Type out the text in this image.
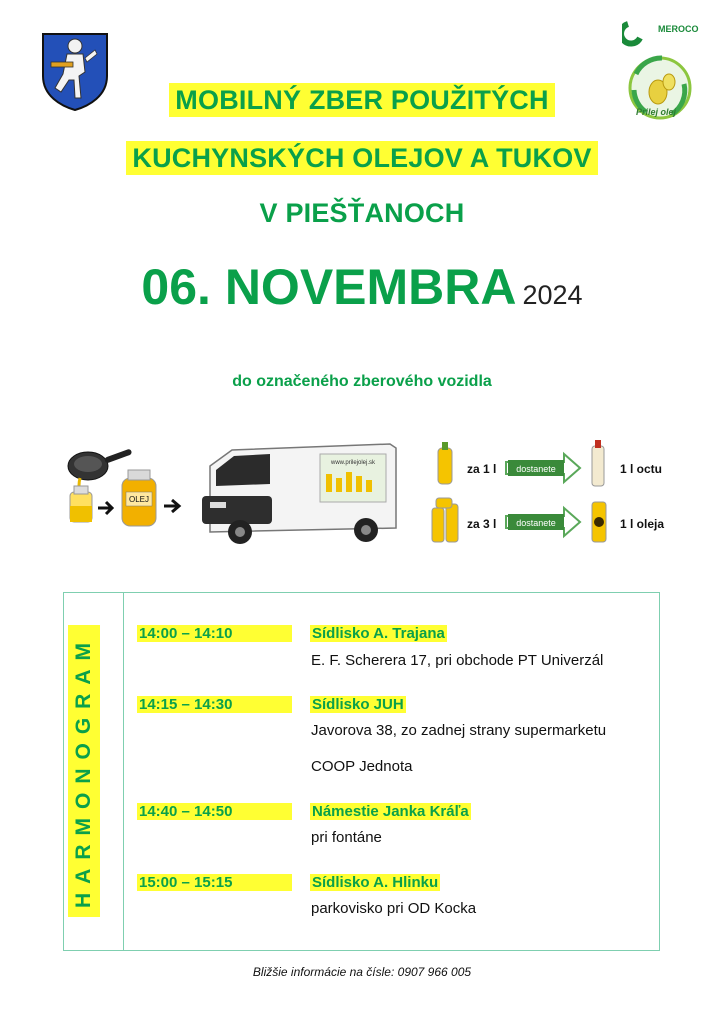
MEROCO
Prilej olej
MOBILNÝ ZBER POUŽITÝCH
KUCHYNSKÝCH OLEJOV A TUKOV
V PIEŠŤANOCH
06. NOVEMBRA 2024
do označeného zberového vozidla
OLEJ
www.prilejolej.sk	za 1 l dostanete	1 l octu
za 3 l dostanete	1 l oleja
HARMONOGRAM
14:00 – 14:10	Sídlisko A. Trajana
E. F. Scherera 17, pri obchode PT Univerzál
14:15 – 14:30	Sídlisko JUH
Javorova 38, zo zadnej strany supermarketu
COOP Jednota
14:40 – 14:50	Námestie Janka Kráľa
pri fontáne
15:00 – 15:15	Sídlisko A. Hlinku
parkovisko pri OD Kocka
Bližšie informácie na čísle: 0907 966 005
